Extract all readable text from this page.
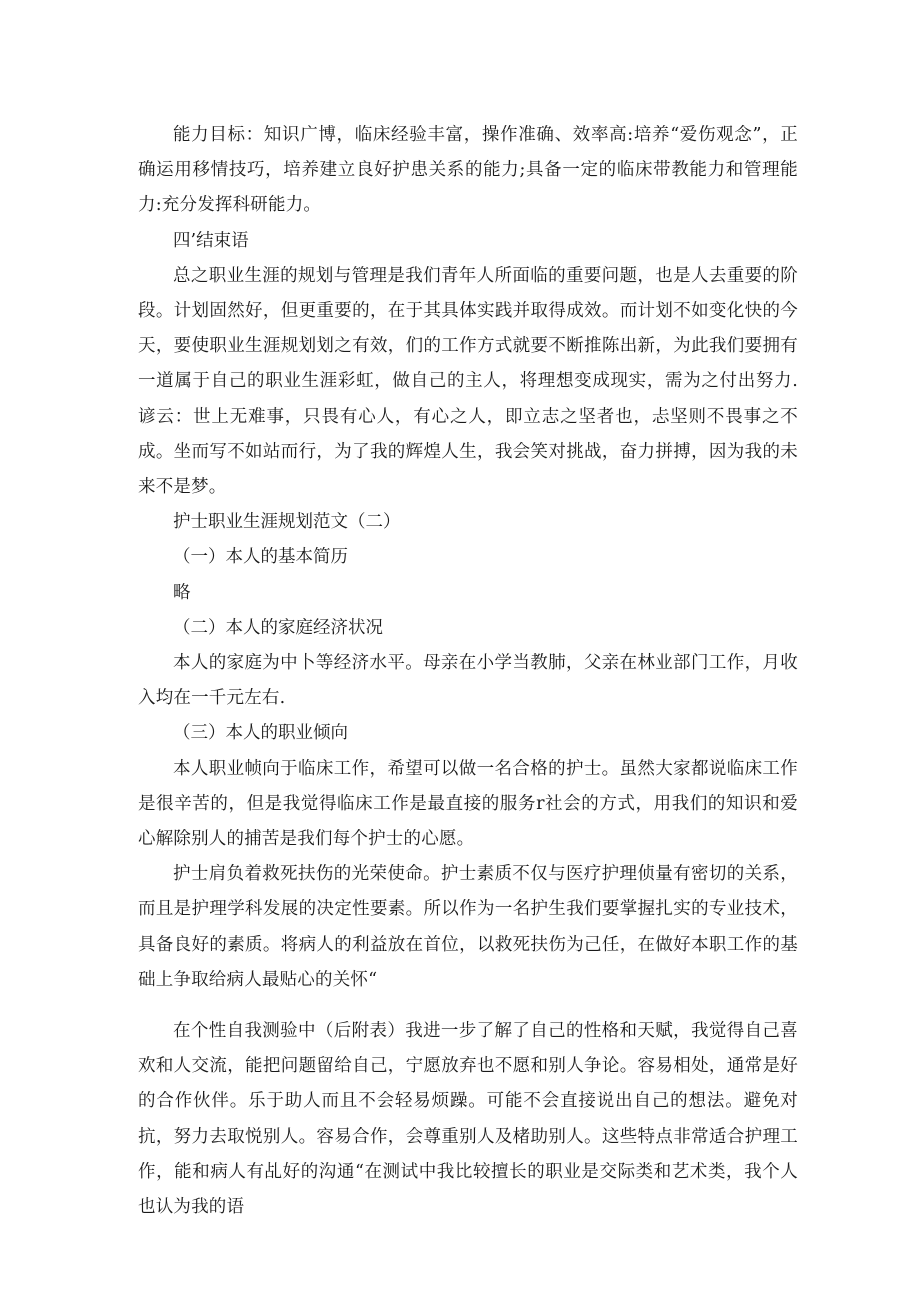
能力目标：知识广博，临床经验丰富，操作准确、效率高:培养“爱伤观念”，正确运用移情技巧，培养建立良好护患关系的能力;具备一定的临床带教能力和管理能力:充分发挥科研能力。

四’结束语

总之职业生涯的规划与管理是我们青年人所面临的重要问题，也是人去重要的阶段。计划固然好，但更重要的，在于其具体实践并取得成效。而计划不如变化快的今天，要使职业生涯规划划之有效，们的工作方式就要不断推陈出新，为此我们要拥有一道属于自己的职业生涯彩虹，做自己的主人，将理想变成现实，需为之付出努力.谚云：世上无难事，只畏有心人，有心之人，即立志之坚者也，忐坚则不畏事之不成。坐而写不如站而行，为了我的辉煌人生，我会笑对挑战，奋力拼搏，因为我的未来不是梦。

护士职业生涯规划范文（二）

（一）本人的基本简历

略

（二）本人的家庭经济状况

本人的家庭为中卜等经济水平。母亲在小学当教肺，父亲在林业部门工作，月收入均在一千元左右.

（三）本人的职业倾向

本人职业帧向于临床工作，希望可以做一名合格的护士。虽然大家都说临床工作是很辛苦的，但是我觉得临床工作是最直接的服务r社会的方式，用我们的知识和爱心解除别人的捕苦是我们每个护士的心愿。

护士肩负着救死扶伤的光荣使命。护士素质不仅与医疗护理侦量有密切的关系，而且是护理学科发展的决定性要素。所以作为一名护生我们要掌握扎实的专业技术，具备良好的素质。将病人的利益放在首位，以救死扶伤为己任，在做好本职工作的基础上争取给病人最贴心的关怀“

在个性自我测验中（后附表）我进一步了解了自己的性格和天赋，我觉得自己喜欢和人交流，能把问题留给自己，宁愿放弃也不愿和别人争论。容易相处，通常是好的合作伙伴。乐于助人而且不会轻易烦躁。可能不会直接说出自己的想法。避免对抗，努力去取悦别人。容易合作，会尊重别人及楮助别人。这些特点非常适合护理工作，能和病人有乩好的沟通“在测试中我比较擅长的职业是交际类和艺术类，我个人也认为我的语
